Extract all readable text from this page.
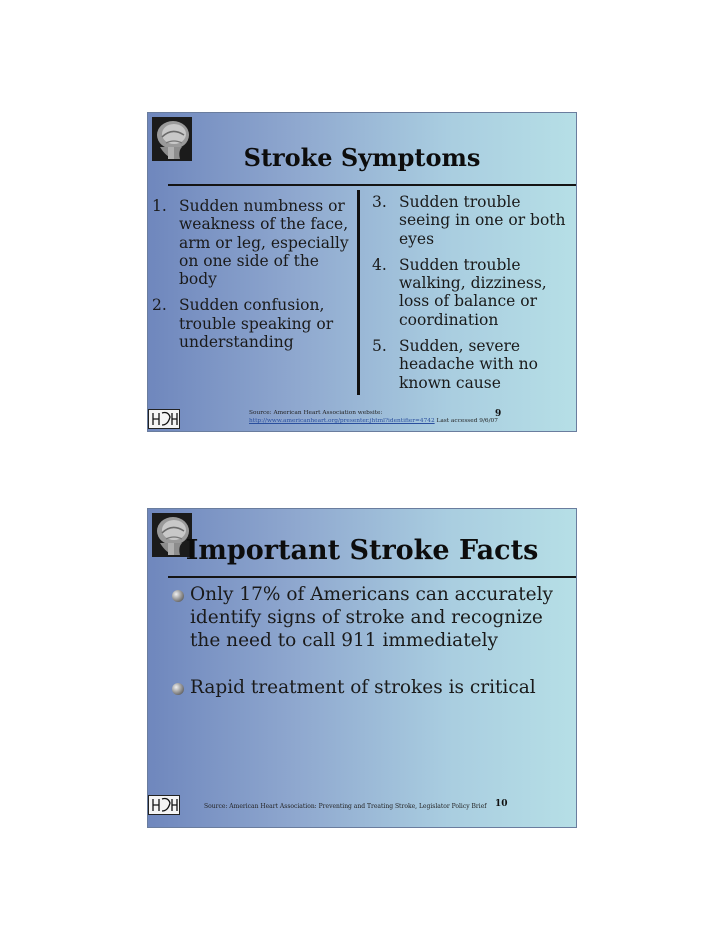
Stroke Symptoms
1. Sudden numbness or weakness of the face, arm or leg, especially on one side of the body
2. Sudden confusion, trouble speaking or understanding
3. Sudden trouble seeing in one or both eyes
4. Sudden trouble walking, dizziness, loss of balance or coordination
5. Sudden, severe headache with no known cause
Source: American Heart Association website:
http://www.americanheart.org/presenter.jhtml?identifier=4742 Last accessed 9/6/07
9
Important Stroke Facts
Only 17% of Americans can accurately identify signs of stroke and recognize the need to call 911 immediately
Rapid treatment of strokes is critical
Source: American Heart Association: Preventing and Treating Stroke, Legislator Policy Brief 10
